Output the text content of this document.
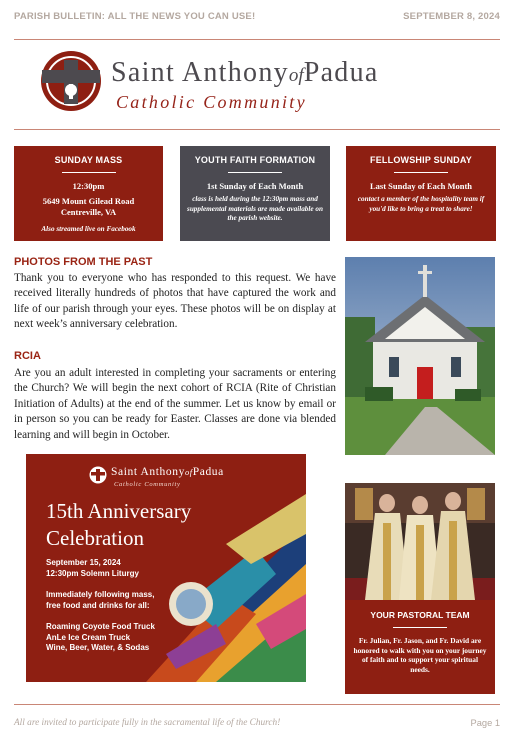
PARISH BULLETIN: ALL THE NEWS YOU CAN USE!	SEPTEMBER 8, 2024
Saint AnthonyofPadua
Catholic Community
SUNDAY MASS
12:30pm
5649 Mount Gilead Road
Centreville, VA
Also streamed live on Facebook
YOUTH FAITH FORMATION
1st Sunday of Each Month
class is held during the 12:30pm mass and supplemental materials are made available on the parish website.
FELLOWSHIP SUNDAY
Last Sunday of Each Month
contact a member of the hospitality team if you'd like to bring a treat to share!
PHOTOS FROM THE PAST
Thank you to everyone who has responded to this request. We have received literally hundreds of photos that have captured the work and life of our parish through your eyes. These photos will be on display at next week’s anniversary celebration.
RCIA
Are you an adult interested in completing your sacraments or entering the Church? We will begin the next cohort of RCIA (Rite of Christian Initiation of Adults) at the end of the summer. Let us know by email or in person so you can be ready for Easter. Classes are done via blended learning and will begin in October.
Saint AnthonyofPadua
Catholic Community
15th Anniversary
Celebration
September 15, 2024
12:30pm Solemn Liturgy
Immediately following mass,
free food and drinks for all:
Roaming Coyote Food Truck
AnLe Ice Cream Truck
Wine, Beer, Water, & Sodas
YOUR PASTORAL TEAM
Fr. Julian, Fr. Jason, and Fr. David are honored to walk with you on your journey of faith and to support your spiritual needs.
All are invited to participate fully in the sacramental life of the Church!	Page 1
